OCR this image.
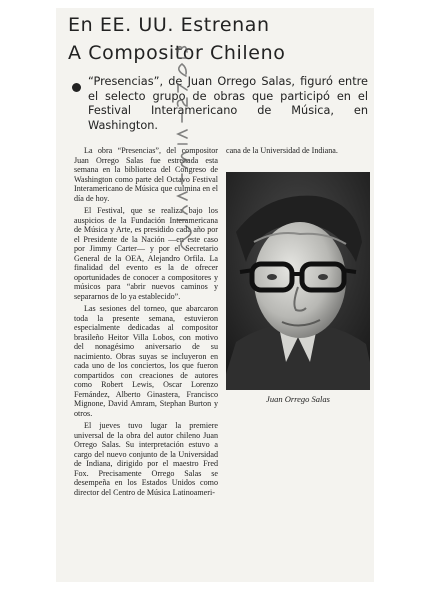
En EE. UU. Estrenan
A Compositor Chileno

“Presencias”, de Juan Orrego Salas, figuró entre el selecto grupo de obras que participó en el Festival Interamericano de Música, en Washington.

La obra “Presencias”, del compositor Juan Orrego Salas fue estrenada esta semana en la biblioteca del Congreso de Washington como parte del Octavo Festival Interamericano de Música que culmina en el día de hoy.

El Festival, que se realiza bajo los auspicios de la Fundación Interamericana de Música y Arte, es presidido cada año por el Presidente de la Nación —en este caso por Jimmy Carter— y por el Secretario General de la OEA, Alejandro Orfila. La finalidad del evento es la de ofrecer oportunidades de conocer a compositores y músicos para “abrir nuevos caminos y separarnos de lo ya establecido”.

Las sesiones del torneo, que abarcaron toda la presente semana, estuvieron especialmente dedicadas al compositor brasileño Heitor Villa Lobos, con motivo del nonagésimo aniversario de su nacimiento. Obras suyas se incluyeron en cada uno de los conciertos, los que fueron compartidos con creaciones de autores como Robert Lewis, Oscar Lorenzo Fernández, Alberto Ginastera, Francisco Mignone, David Amram, Stephan Burton y otros.

El jueves tuvo lugar la premiere universal de la obra del autor chileno Juan Orrego Salas. Su interpretación estuvo a cargo del nuevo conjunto de la Universidad de Indiana, dirigido por el maestro Fred Fox. Precisamente Orrego Salas se desempeña en los Estados Unidos como director del Centro de Música Latinoameri-

cana de la Universidad de Indiana.

Juan Orrego Salas
